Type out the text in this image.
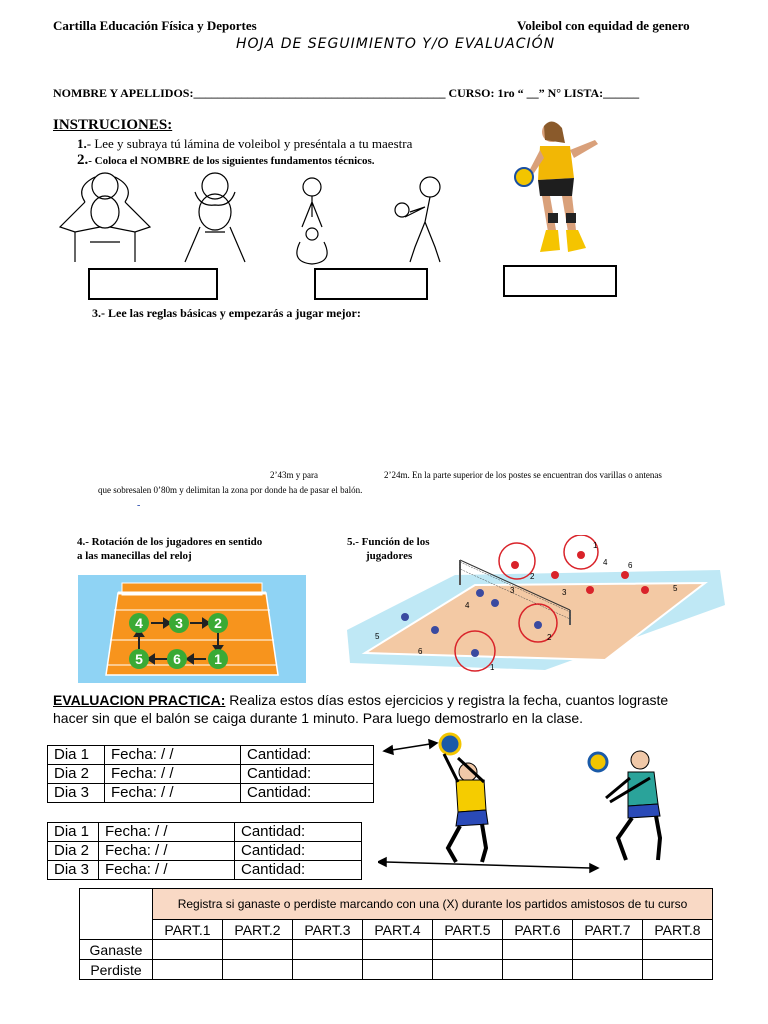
Cartilla Educación Física y Deportes	Voleibol con equidad de genero
HOJA DE SEGUIMIENTO Y/O EVALUACIÓN
NOMBRE Y APELLIDOS:__________________________________________ CURSO: 1ro “ __” N° LISTA:______
INSTRUCIONES:
1.- Lee y subraya tú lámina de voleibol y preséntala a tu maestra
2.- Coloca el NOMBRE de los siguientes fundamentos técnicos.
3.- Lee las reglas básicas y empezarás a jugar mejor:
2’43m y para	2’24m. En la parte superior de los postes se encuentran dos varillas o antenas
que sobresalen 0’80m y delimitan la zona por donde ha de pasar el balón.
-
4.- Rotación de los jugadores en sentido
a las manecillas del reloj
4 3 2
5 6 1
5.- Función de los
jugadores
1
2
3
4
5
6
1
2
3
4
5
6
EVALUACION PRACTICA: Realiza estos días estos ejercicios y registra la fecha, cuantos lograste
hacer sin que el balón se caiga durante 1 minuto. Para luego demostrarlo en la clase.
Dia 1	Fecha: / /	Cantidad:
Dia 2	Fecha: / /	Cantidad:
Dia 3	Fecha: / /	Cantidad:
Dia 1	Fecha: / /	Cantidad:
Dia 2	Fecha: / /	Cantidad:
Dia 3	Fecha: / /	Cantidad:
	Registra si ganaste o perdiste marcando con una (X) durante los partidos amistosos de tu curso							
	PART.1	PART.2	PART.3	PART.4	PART.5	PART.6	PART.7	PART.8
Ganaste								
Perdiste								
